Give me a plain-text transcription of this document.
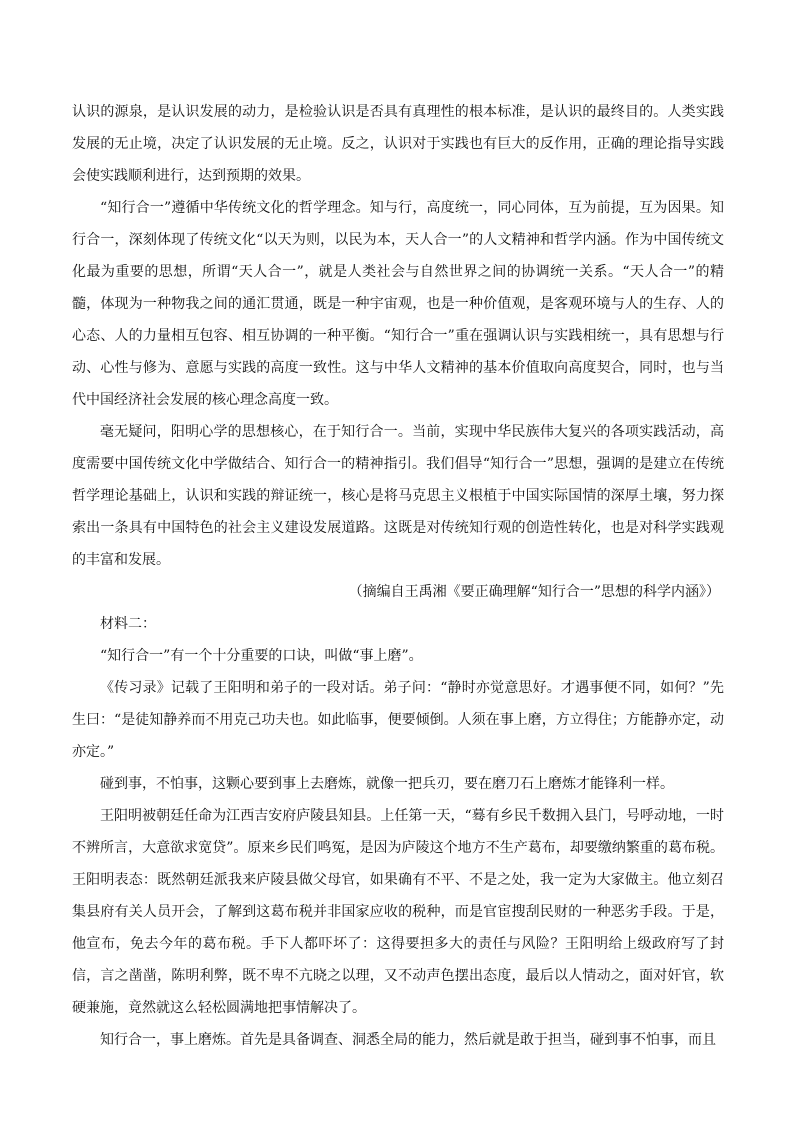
认识的源泉，是认识发展的动力，是检验认识是否具有真理性的根本标准，是认识的最终目的。人类实践发展的无止境，决定了认识发展的无止境。反之，认识对于实践也有巨大的反作用，正确的理论指导实践会使实践顺利进行，达到预期的效果。

“知行合一”遵循中华传统文化的哲学理念。知与行，高度统一，同心同体，互为前提，互为因果。知行合一，深刻体现了传统文化“以天为则，以民为本，天人合一”的人文精神和哲学内涵。作为中国传统文化最为重要的思想，所谓“天人合一”，就是人类社会与自然世界之间的协调统一关系。“天人合一”的精髓，体现为一种物我之间的通汇贯通，既是一种宇宙观，也是一种价值观，是客观环境与人的生存、人的心态、人的力量相互包容、相互协调的一种平衡。“知行合一”重在强调认识与实践相统一，具有思想与行动、心性与修为、意愿与实践的高度一致性。这与中华人文精神的基本价值取向高度契合，同时，也与当代中国经济社会发展的核心理念高度一致。

毫无疑问，阳明心学的思想核心，在于知行合一。当前，实现中华民族伟大复兴的各项实践活动，高度需要中国传统文化中学做结合、知行合一的精神指引。我们倡导“知行合一”思想，强调的是建立在传统哲学理论基础上，认识和实践的辩证统一，核心是将马克思主义根植于中国实际国情的深厚土壤，努力探索出一条具有中国特色的社会主义建设发展道路。这既是对传统知行观的创造性转化，也是对科学实践观的丰富和发展。

（摘编自王禹湘《要正确理解“知行合一”思想的科学内涵》）

材料二：

“知行合一”有一个十分重要的口诀，叫做“事上磨”。

《传习录》记载了王阳明和弟子的一段对话。弟子问：“静时亦觉意思好。才遇事便不同，如何？”先生曰：“是徒知静养而不用克己功夫也。如此临事，便要倾倒。人须在事上磨，方立得住；方能静亦定，动亦定。”

碰到事，不怕事，这颗心要到事上去磨炼，就像一把兵刃，要在磨刀石上磨炼才能锋利一样。

王阳明被朝廷任命为江西吉安府庐陵县知县。上任第一天，“蓦有乡民千数拥入县门，号呼动地，一时不辨所言，大意欲求宽贷”。原来乡民们鸣冤，是因为庐陵这个地方不生产葛布，却要缴纳繁重的葛布税。王阳明表态：既然朝廷派我来庐陵县做父母官，如果确有不平、不是之处，我一定为大家做主。他立刻召集县府有关人员开会，了解到这葛布税并非国家应收的税种，而是官宦搜刮民财的一种恶劣手段。于是，他宣布，免去今年的葛布税。手下人都吓坏了：这得要担多大的责任与风险？王阳明给上级政府写了封信，言之凿凿，陈明利弊，既不卑不亢晓之以理，又不动声色摆出态度，最后以人情动之，面对奸官，软硬兼施，竟然就这么轻松圆满地把事情解决了。

知行合一，事上磨炼。首先是具备调查、洞悉全局的能力，然后就是敢于担当，碰到事不怕事，而且
